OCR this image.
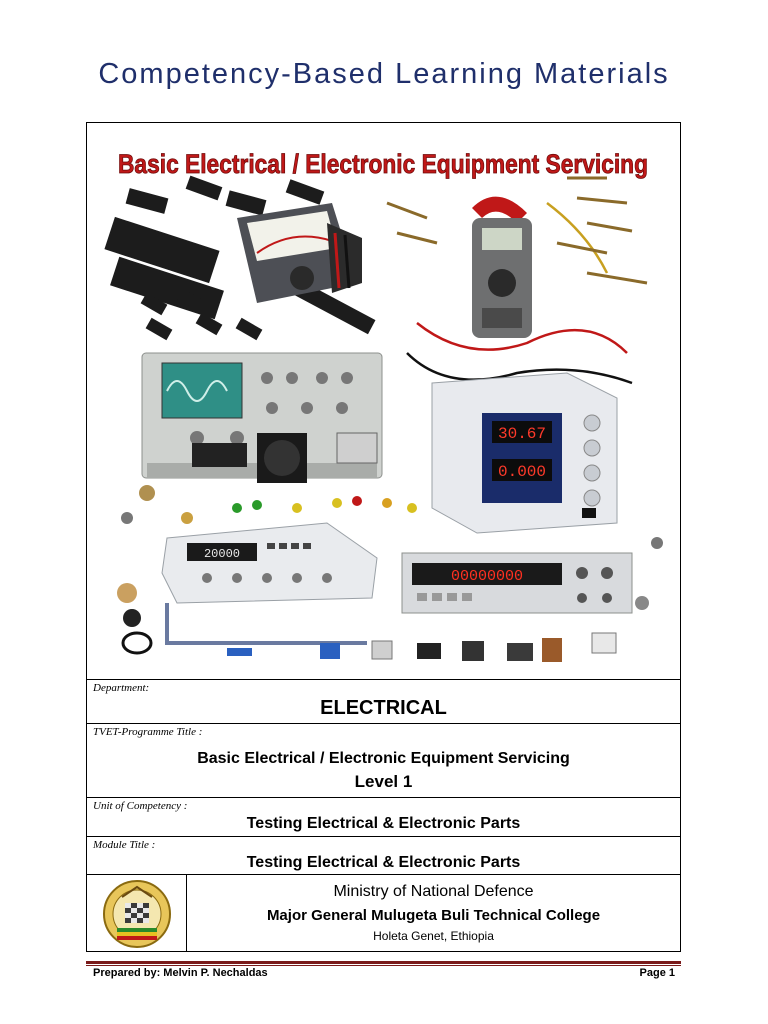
Competency-Based Learning Materials
Basic Electrical / Electronic Equipment Servicing
30.67
0.000
20000
00000000
Department:
ELECTRICAL
TVET-Programme Title :
Basic Electrical / Electronic Equipment Servicing
Level 1
Unit of Competency :
Testing Electrical & Electronic Parts
Module Title :
Testing Electrical & Electronic Parts
Ministry of National Defence
Major General Mulugeta Buli Technical College
Holeta Genet, Ethiopia
Prepared by: Melvin P. Nechaldas	Page 1
